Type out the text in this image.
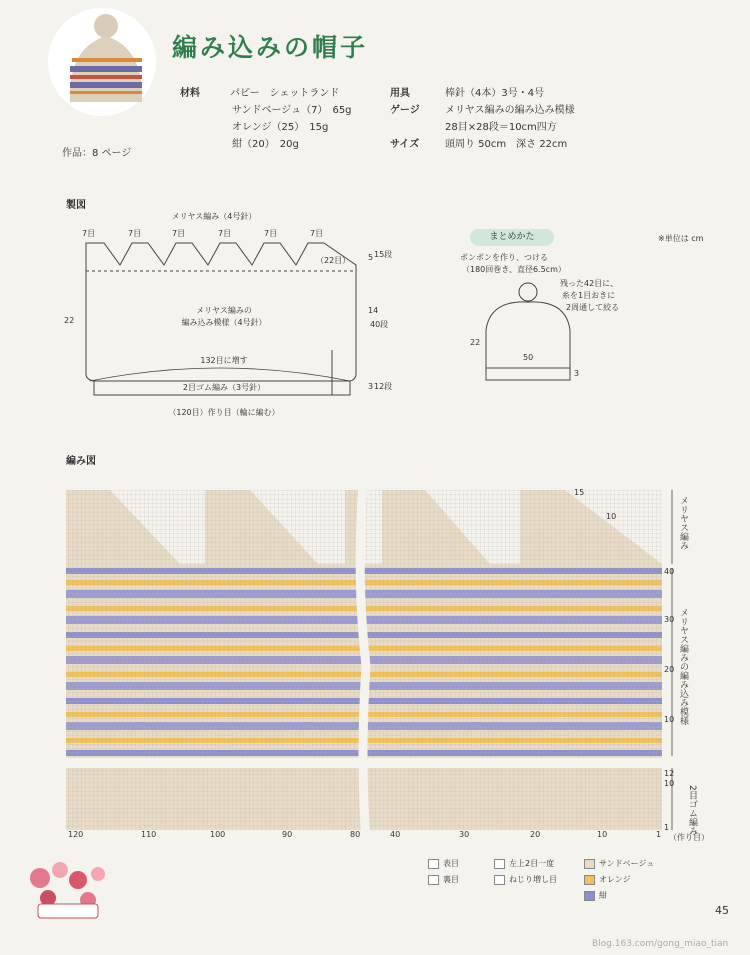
作品：8 ページ
編み込みの帽子
材料	パピー　シェットランド
サンドベージュ（7）　65g
オレンジ（25）　15g
紺（20）　20g
用具	棒針（4本）3号・4号
ゲージ	メリヤス編みの編み込み模様
28目×28段＝10cm四方
サイズ	頭周り 50cm　深さ 22cm
製図
編み図
まとめかた	※単位は cm
メリヤス編み（4号針）
7目	7目	7目	7目	7目	7目
（22目）
22
5 15段
14
40段
3 12段
メリヤス編みの
編み込み模様（4号針）
132目に増す
2目ゴム編み（3号針）
（120目）作り目（輪に編む）
ポンポンを作り、つける
（180回巻き、直径6.5cm）
残った42目に、
糸を1目おきに
2周通して絞る
50
22
3
15
10
40
30
20
10
12
10
1
（作り目）
メリヤス編み
メリヤス編みの編み込み模様
2目ゴム編み
120	110	100	90	80	40	30	20	10	1
表目
裏目
左上2目一度
ねじり増し目
サンドベージュ
オレンジ
紺
45
Blog.163.com/gong_miao_tian
